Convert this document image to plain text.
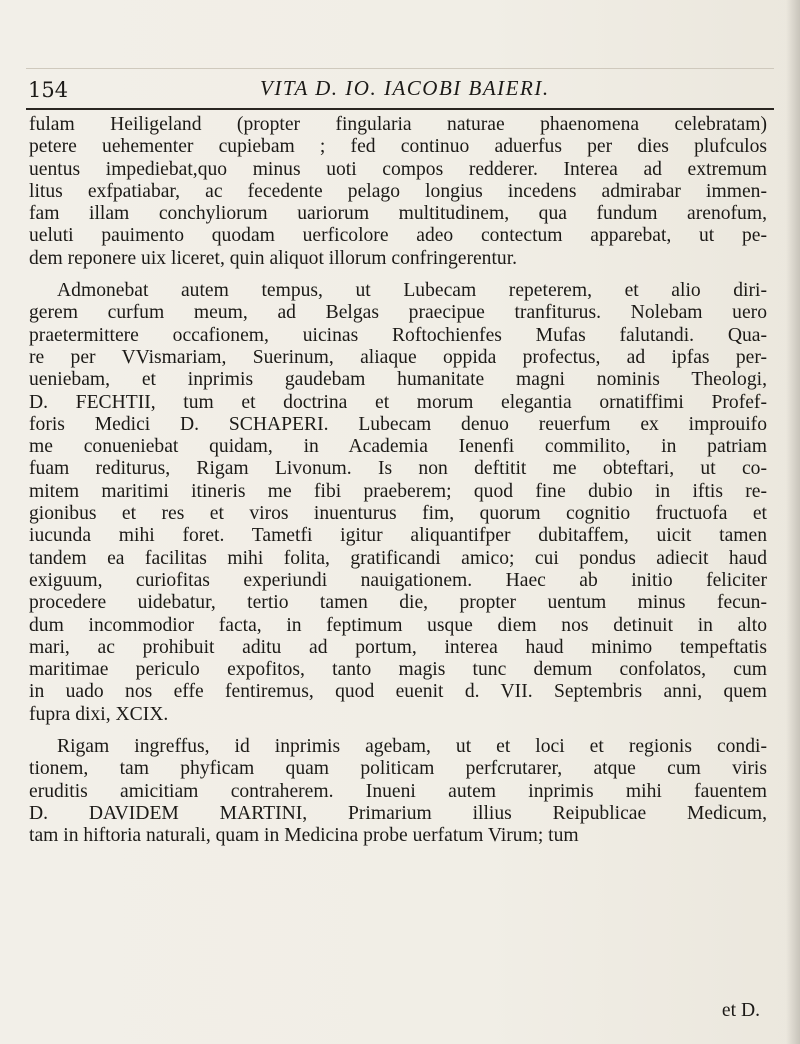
154	VITA D. IO. IACOBI BAIERI.
fulam Heiligeland (propter fingularia naturae phaenomena celebratam)
petere uehementer cupiebam ; fed continuo aduerfus per dies plufculos
uentus impediebat,quo minus uoti compos redderer. Interea ad extremum
litus exfpatiabar, ac fecedente pelago longius incedens admirabar immen-
fam illam conchyliorum uariorum multitudinem, qua fundum arenofum,
ueluti pauimento quodam uerficolore adeo contectum apparebat, ut pe-
dem reponere uix liceret, quin aliquot illorum confringerentur.
Admonebat autem tempus, ut Lubecam repeterem, et alio diri-
gerem curfum meum, ad Belgas praecipue tranfiturus. Nolebam uero
praetermittere occafionem, uicinas Roftochienfes Mufas falutandi. Qua-
re per VVismariam, Suerinum, aliaque oppida profectus, ad ipfas per-
ueniebam, et inprimis gaudebam humanitate magni nominis Theologi,
D. FECHTII, tum et doctrina et morum elegantia ornatiffimi Profef-
foris Medici D. SCHAPERI. Lubecam denuo reuerfum ex improuifo
me conueniebat quidam, in Academia Ienenfi commilito, in patriam
fuam rediturus, Rigam Livonum. Is non deftitit me obteftari, ut co-
mitem maritimi itineris me fibi praeberem; quod fine dubio in iftis re-
gionibus et res et viros inuenturus fim, quorum cognitio fructuofa et
iucunda mihi foret. Tametfi igitur aliquantifper dubitaffem, uicit tamen
tandem ea facilitas mihi folita, gratificandi amico; cui pondus adiecit haud
exiguum, curiofitas experiundi nauigationem. Haec ab initio feliciter
procedere uidebatur, tertio tamen die, propter uentum minus fecun-
dum incommodior facta, in feptimum usque diem nos detinuit in alto
mari, ac prohibuit aditu ad portum, interea haud minimo tempeftatis
maritimae periculo expofitos, tanto magis tunc demum confolatos, cum
in uado nos effe fentiremus, quod euenit d. VII. Septembris anni, quem
fupra dixi, XCIX.
Rigam ingreffus, id inprimis agebam, ut et loci et regionis condi-
tionem, tam phyficam quam politicam perfcrutarer, atque cum viris
eruditis amicitiam contraherem. Inueni autem inprimis mihi fauentem
D. DAVIDEM MARTINI, Primarium illius Reipublicae Medicum,
tam in hiftoria naturali, quam in Medicina probe uerfatum Virum; tum
et D.
